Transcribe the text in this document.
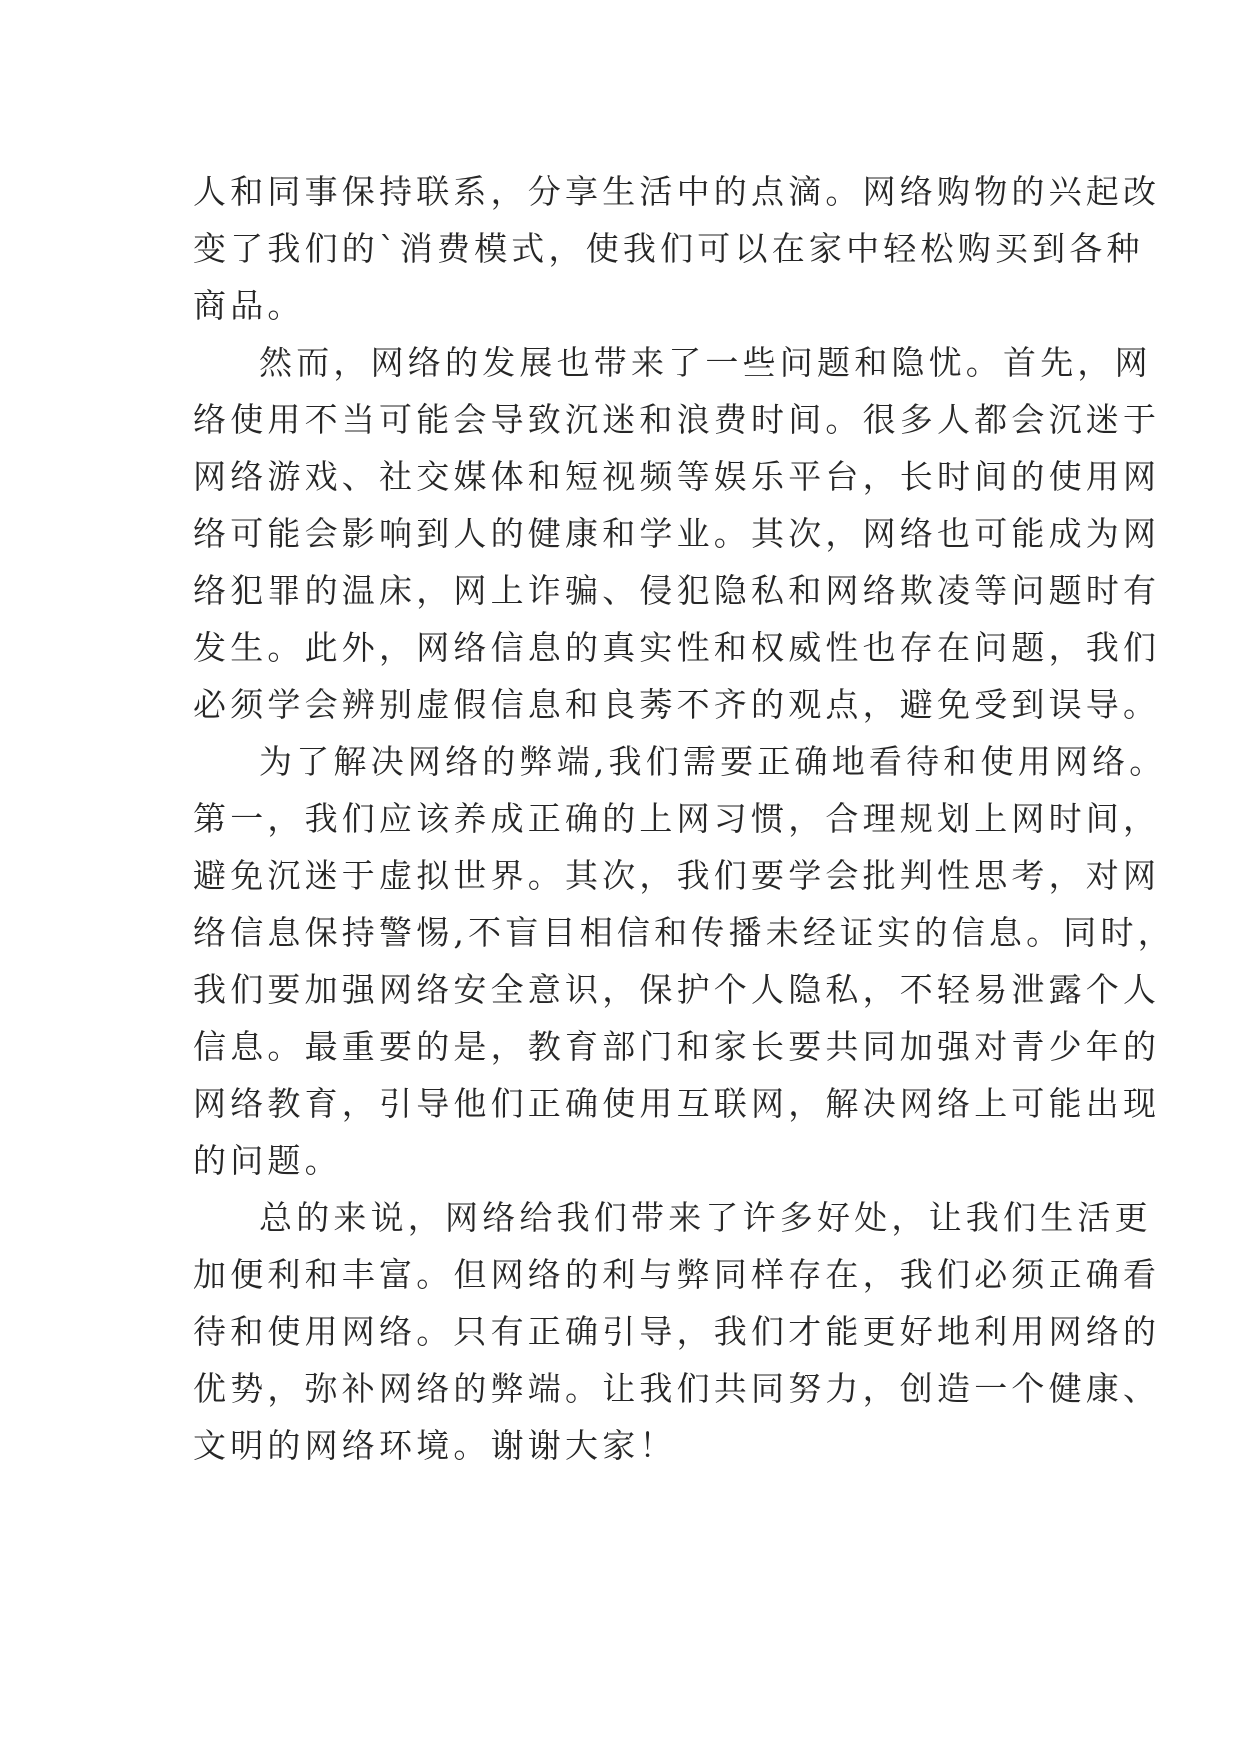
人和同事保持联系，分享生活中的点滴。网络购物的兴起改
变了我们的`消费模式，使我们可以在家中轻松购买到各种
商品。

然而，网络的发展也带来了一些问题和隐忧。首先，网
络使用不当可能会导致沉迷和浪费时间。很多人都会沉迷于
网络游戏、社交媒体和短视频等娱乐平台，长时间的使用网
络可能会影响到人的健康和学业。其次，网络也可能成为网
络犯罪的温床，网上诈骗、侵犯隐私和网络欺凌等问题时有
发生。此外，网络信息的真实性和权威性也存在问题，我们
必须学会辨别虚假信息和良莠不齐的观点，避免受到误导。

为了解决网络的弊端,我们需要正确地看待和使用网络。
第一，我们应该养成正确的上网习惯，合理规划上网时间，
避免沉迷于虚拟世界。其次，我们要学会批判性思考，对网
络信息保持警惕,不盲目相信和传播未经证实的信息。同时，
我们要加强网络安全意识，保护个人隐私，不轻易泄露个人
信息。最重要的是，教育部门和家长要共同加强对青少年的
网络教育，引导他们正确使用互联网，解决网络上可能出现
的问题。

总的来说，网络给我们带来了许多好处，让我们生活更
加便利和丰富。但网络的利与弊同样存在，我们必须正确看
待和使用网络。只有正确引导，我们才能更好地利用网络的
优势，弥补网络的弊端。让我们共同努力，创造一个健康、
文明的网络环境。谢谢大家！
